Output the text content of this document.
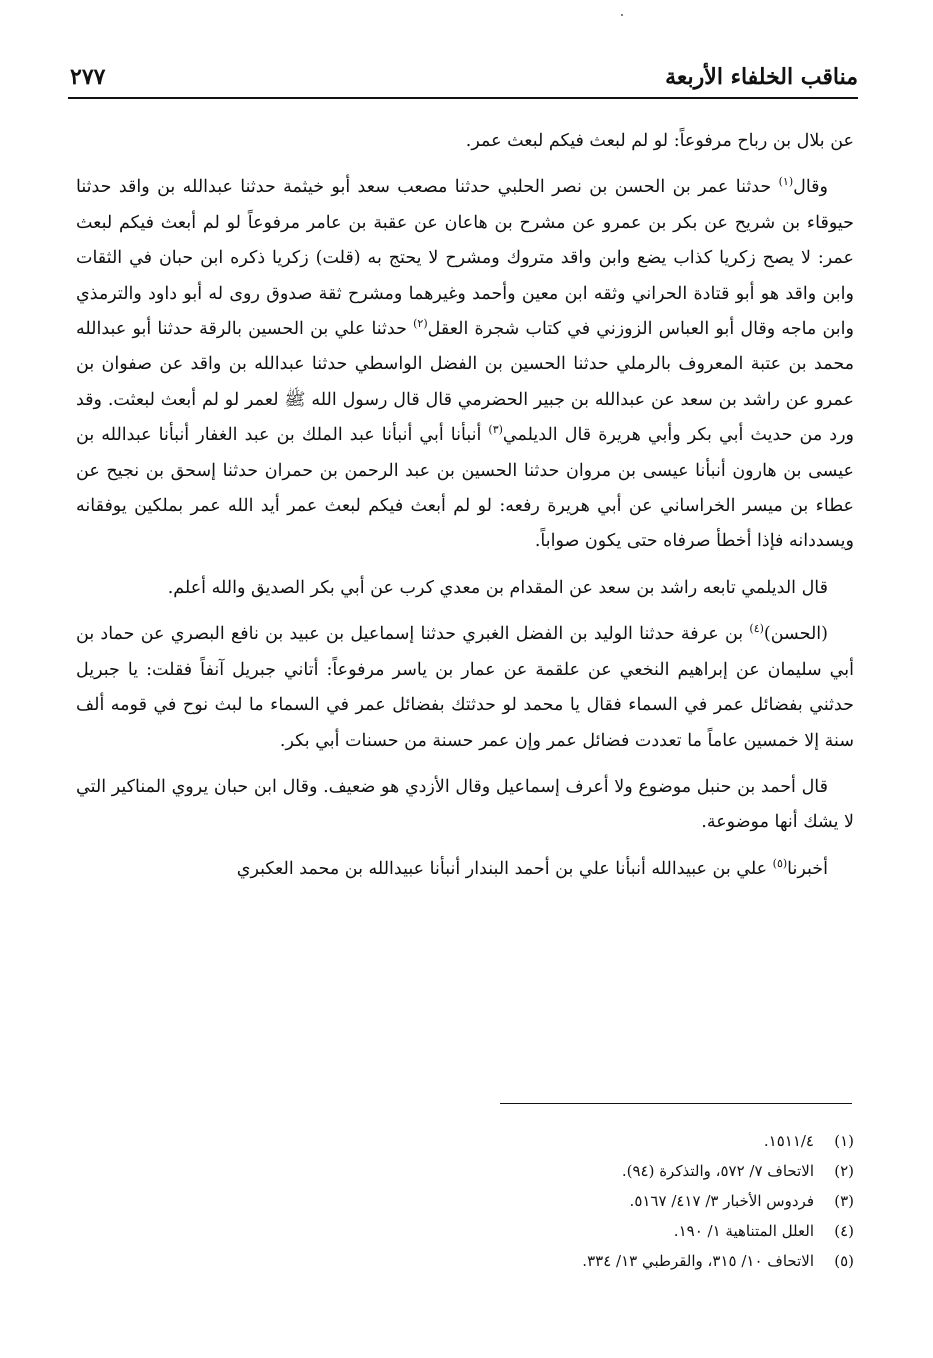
مناقب الخلفاء الأربعة
٢٧٧

عن بلال بن رباح مرفوعاً: لو لم لبعث فيكم لبعث عمر.

وقال$^{(١)}$ حدثنا عمر بن الحسن بن نصر الحلبي حدثنا مصعب سعد أبو خيثمة حدثنا عبدالله بن واقد حدثنا حيوقاء بن شريح عن بكر بن عمرو عن مشرح بن هاعان عن عقبة بن عامر مرفوعاً لو لم أبعث فيكم لبعث عمر: لا يصح زكريا كذاب يضع وابن واقد متروك ومشرح لا يحتج به (قلت) زكريا ذكره ابن حبان في الثقات وابن واقد هو أبو قتادة الحراني وثقه ابن معين وأحمد وغيرهما ومشرح ثقة صدوق روى له أبو داود والترمذي وابن ماجه وقال أبو العباس الزوزني في كتاب شجرة العقل$^{(٢)}$ حدثنا علي بن الحسين بالرقة حدثنا أبو عبدالله محمد بن عتبة المعروف بالرملي حدثنا الحسين بن الفضل الواسطي حدثنا عبدالله بن واقد عن صفوان بن عمرو عن راشد بن سعد عن عبدالله بن جبير الحضرمي قال قال رسول الله ﷺ لعمر لو لم أبعث لبعثت. وقد ورد من حديث أبي بكر وأبي هريرة قال الديلمي$^{(٣)}$ أنبأنا أبي أنبأنا عبد الملك بن عبد الغفار أنبأنا عبدالله بن عيسى بن هارون أنبأنا عيسى بن مروان حدثنا الحسين بن عبد الرحمن بن حمران حدثنا إسحق بن نجيح عن عطاء بن ميسر الخراساني عن أبي هريرة رفعه: لو لم أبعث فيكم لبعث عمر أيد الله عمر بملكين يوفقانه ويسددانه فإذا أخطأ صرفاه حتى يكون صواباً.

قال الديلمي تابعه راشد بن سعد عن المقدام بن معدي كرب عن أبي بكر الصديق والله أعلم.

(الحسن)$^{(٤)}$ بن عرفة حدثنا الوليد بن الفضل الغبري حدثنا إسماعيل بن عبيد بن نافع البصري عن حماد بن أبي سليمان عن إبراهيم النخعي عن علقمة عن عمار بن ياسر مرفوعاً: أتاني جبريل آنفاً فقلت: يا جبريل حدثني بفضائل عمر في السماء فقال يا محمد لو حدثتك بفضائل عمر في السماء ما لبث نوح في قومه ألف سنة إلا خمسين عاماً ما تعددت فضائل عمر وإن عمر حسنة من حسنات أبي بكر.

قال أحمد بن حنبل موضوع ولا أعرف إسماعيل وقال الأزدي هو ضعيف. وقال ابن حبان يروي المناكير التي لا يشك أنها موضوعة.

أخبرنا$^{(٥)}$ علي بن عبيدالله أنبأنا علي بن أحمد البندار أنبأنا عبيدالله بن محمد العكبري

(١)١٥١١/٤.
(٢)الاتحاف ٧/ ٥٧٢، والتذكرة (٩٤).
(٣)فردوس الأخبار ٣/ ٤١٧/ ٥١٦٧.
(٤)العلل المتناهية ١/ ١٩٠.
(٥)الاتحاف ١٠/ ٣١٥، والقرطبي ١٣/ ٣٣٤.
